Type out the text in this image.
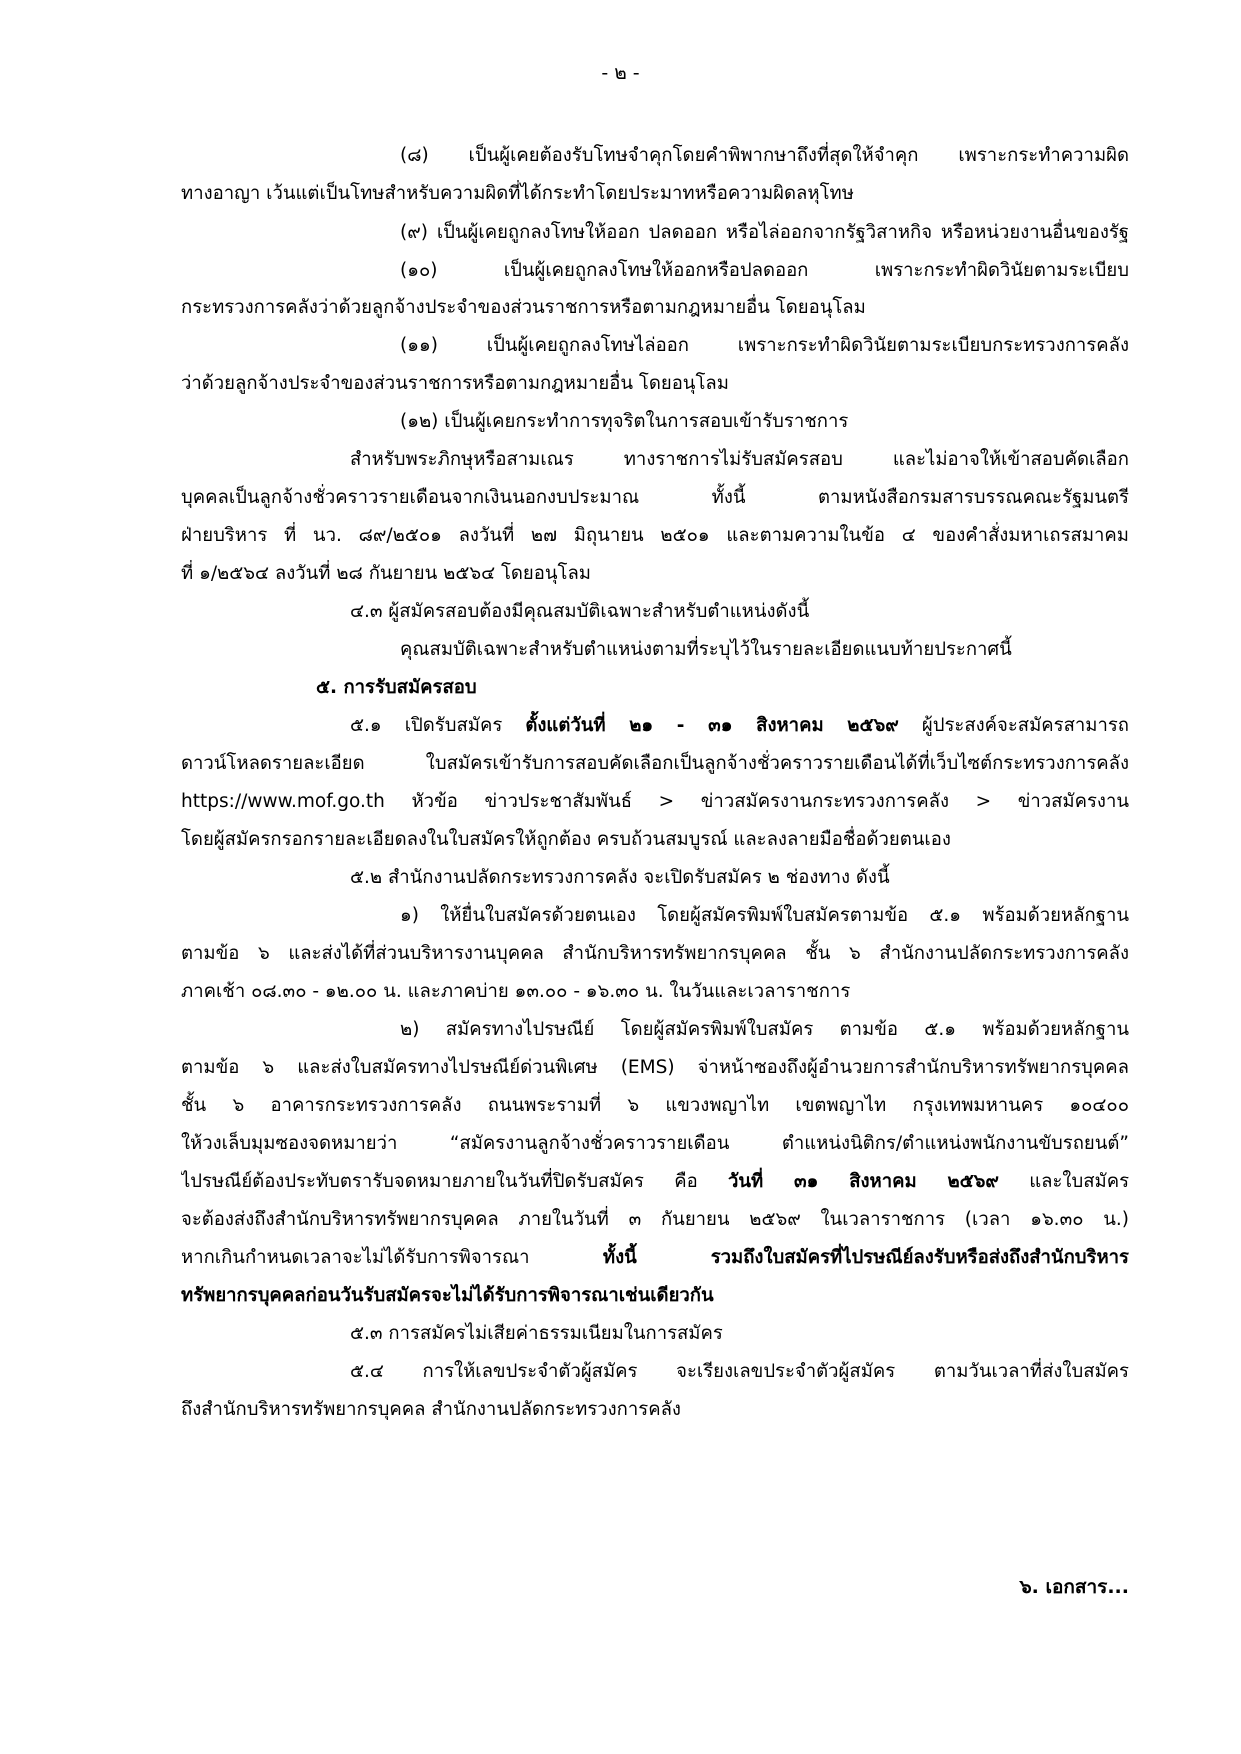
- ๒ -
(๘) เป็นผู้เคยต้องรับโทษจำคุกโดยคำพิพากษาถึงที่สุดให้จำคุก เพราะกระทำความผิด
ทางอาญา เว้นแต่เป็นโทษสำหรับความผิดที่ได้กระทำโดยประมาทหรือความผิดลหุโทษ
(๙) เป็นผู้เคยถูกลงโทษให้ออก ปลดออก หรือไล่ออกจากรัฐวิสาหกิจ หรือหน่วยงานอื่นของรัฐ
(๑๐) เป็นผู้เคยถูกลงโทษให้ออกหรือปลดออก เพราะกระทำผิดวินัยตามระเบียบ
กระทรวงการคลังว่าด้วยลูกจ้างประจำของส่วนราชการหรือตามกฎหมายอื่น โดยอนุโลม
(๑๑) เป็นผู้เคยถูกลงโทษไล่ออก เพราะกระทำผิดวินัยตามระเบียบกระทรวงการคลัง
ว่าด้วยลูกจ้างประจำของส่วนราชการหรือตามกฎหมายอื่น โดยอนุโลม
(๑๒) เป็นผู้เคยกระทำการทุจริตในการสอบเข้ารับราชการ
สำหรับพระภิกษุหรือสามเณร ทางราชการไม่รับสมัครสอบ และไม่อาจให้เข้าสอบคัดเลือก
บุคคลเป็นลูกจ้างชั่วคราวรายเดือนจากเงินนอกงบประมาณ ทั้งนี้ ตามหนังสือกรมสารบรรณคณะรัฐมนตรี
ฝ่ายบริหาร ที่ นว. ๘๙/๒๕๐๑ ลงวันที่ ๒๗ มิถุนายน ๒๕๐๑ และตามความในข้อ ๔ ของคำสั่งมหาเถรสมาคม
ที่ ๑/๒๕๖๔ ลงวันที่ ๒๘ กันยายน ๒๕๖๔ โดยอนุโลม
๔.๓ ผู้สมัครสอบต้องมีคุณสมบัติเฉพาะสำหรับตำแหน่งดังนี้
คุณสมบัติเฉพาะสำหรับตำแหน่งตามที่ระบุไว้ในรายละเอียดแนบท้ายประกาศนี้
๕. การรับสมัครสอบ
๕.๑ เปิดรับสมัคร ตั้งแต่วันที่ ๒๑ - ๓๑ สิงหาคม ๒๕๖๙ ผู้ประสงค์จะสมัครสามารถ
ดาวน์โหลดรายละเอียด ใบสมัครเข้ารับการสอบคัดเลือกเป็นลูกจ้างชั่วคราวรายเดือนได้ที่เว็บไซต์กระทรวงการคลัง
https://www.mof.go.th หัวข้อ ข่าวประชาสัมพันธ์ > ข่าวสมัครงานกระทรวงการคลัง > ข่าวสมัครงาน
โดยผู้สมัครกรอกรายละเอียดลงในใบสมัครให้ถูกต้อง ครบถ้วนสมบูรณ์ และลงลายมือชื่อด้วยตนเอง
๕.๒ สำนักงานปลัดกระทรวงการคลัง จะเปิดรับสมัคร ๒ ช่องทาง ดังนี้
๑) ให้ยื่นใบสมัครด้วยตนเอง โดยผู้สมัครพิมพ์ใบสมัครตามข้อ ๕.๑ พร้อมด้วยหลักฐาน
ตามข้อ ๖ และส่งได้ที่ส่วนบริหารงานบุคคล สำนักบริหารทรัพยากรบุคคล ชั้น ๖ สำนักงานปลัดกระทรวงการคลัง
ภาคเช้า ๐๘.๓๐ - ๑๒.๐๐ น. และภาคบ่าย ๑๓.๐๐ - ๑๖.๓๐ น. ในวันและเวลาราชการ
๒) สมัครทางไปรษณีย์ โดยผู้สมัครพิมพ์ใบสมัคร ตามข้อ ๕.๑ พร้อมด้วยหลักฐาน
ตามข้อ ๖ และส่งใบสมัครทางไปรษณีย์ด่วนพิเศษ (EMS) จ่าหน้าซองถึงผู้อำนวยการสำนักบริหารทรัพยากรบุคคล
ชั้น ๖ อาคารกระทรวงการคลัง ถนนพระรามที่ ๖ แขวงพญาไท เขตพญาไท กรุงเทพมหานคร ๑๐๔๐๐
ให้วงเล็บมุมซองจดหมายว่า “สมัครงานลูกจ้างชั่วคราวรายเดือน ตำแหน่งนิติกร/ตำแหน่งพนักงานขับรถยนต์”
ไปรษณีย์ต้องประทับตรารับจดหมายภายในวันที่ปิดรับสมัคร คือ วันที่ ๓๑ สิงหาคม ๒๕๖๙ และใบสมัคร
จะต้องส่งถึงสำนักบริหารทรัพยากรบุคคล ภายในวันที่ ๓ กันยายน ๒๕๖๙ ในเวลาราชการ (เวลา ๑๖.๓๐ น.)
หากเกินกำหนดเวลาจะไม่ได้รับการพิจารณา ทั้งนี้ รวมถึงใบสมัครที่ไปรษณีย์ลงรับหรือส่งถึงสำนักบริหาร
ทรัพยากรบุคคลก่อนวันรับสมัครจะไม่ได้รับการพิจารณาเช่นเดียวกัน
๕.๓ การสมัครไม่เสียค่าธรรมเนียมในการสมัคร
๕.๔ การให้เลขประจำตัวผู้สมัคร จะเรียงเลขประจำตัวผู้สมัคร ตามวันเวลาที่ส่งใบสมัคร
ถึงสำนักบริหารทรัพยากรบุคคล สำนักงานปลัดกระทรวงการคลัง
๖. เอกสาร...
